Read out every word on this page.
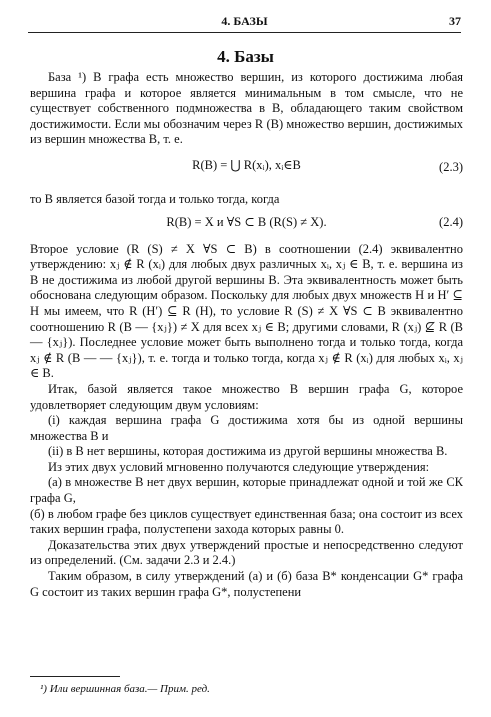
4. БАЗЫ	37
4. Базы

База ¹) B графа есть множество вершин, из которого достижима любая вершина графа и которое является минимальным в том смысле, что не существует собственного подмножества в B, обладающего таким свойством достижимости. Если мы обозначим через R (B) множество вершин, достижимых из вершин множества B, т. е.

R(B) = ⋃ R(xᵢ), xᵢ∈B	(2.3)

то B является базой тогда и только тогда, когда

R(B) = X и ∀S ⊂ B (R(S) ≠ X).	(2.4)

Второе условие (R (S) ≠ X ∀S ⊂ B) в соотношении (2.4) эквивалентно утверждению: xⱼ ∉ R (xᵢ) для любых двух различных xᵢ, xⱼ ∈ B, т. е. вершина из B не достижима из любой другой вершины B. Эта эквивалентность может быть обоснована следующим образом. Поскольку для любых двух множеств H и H′ ⊆ H мы имеем, что R (H′) ⊆ R (H), то условие R (S) ≠ X ∀S ⊂ B эквивалентно соотношению R (B — {xⱼ}) ≠ X для всех xⱼ ∈ B; другими словами, R (xⱼ) ⊈ R (B — {xⱼ}). Последнее условие может быть выполнено тогда и только тогда, когда xⱼ ∉ R (B — — {xⱼ}), т. е. тогда и только тогда, когда xⱼ ∉ R (xᵢ) для любых xᵢ, xⱼ ∈ B.

Итак, базой является такое множество B вершин графа G, которое удовлетворяет следующим двум условиям:

(i) каждая вершина графа G достижима хотя бы из одной вершины множества B и

(ii) в B нет вершины, которая достижима из другой вершины множества B.

Из этих двух условий мгновенно получаются следующие утверждения:

(а) в множестве B нет двух вершин, которые принадлежат одной и той же СК графа G,

(б) в любом графе без циклов существует единственная база; она состоит из всех таких вершин графа, полустепени захода которых равны 0.

Доказательства этих двух утверждений простые и непосредственно следуют из определений. (См. задачи 2.3 и 2.4.)

Таким образом, в силу утверждений (а) и (б) база B* конденсации G* графа G состоит из таких вершин графа G*, полустепени

¹) Или вершинная база.— Прим. ред.
